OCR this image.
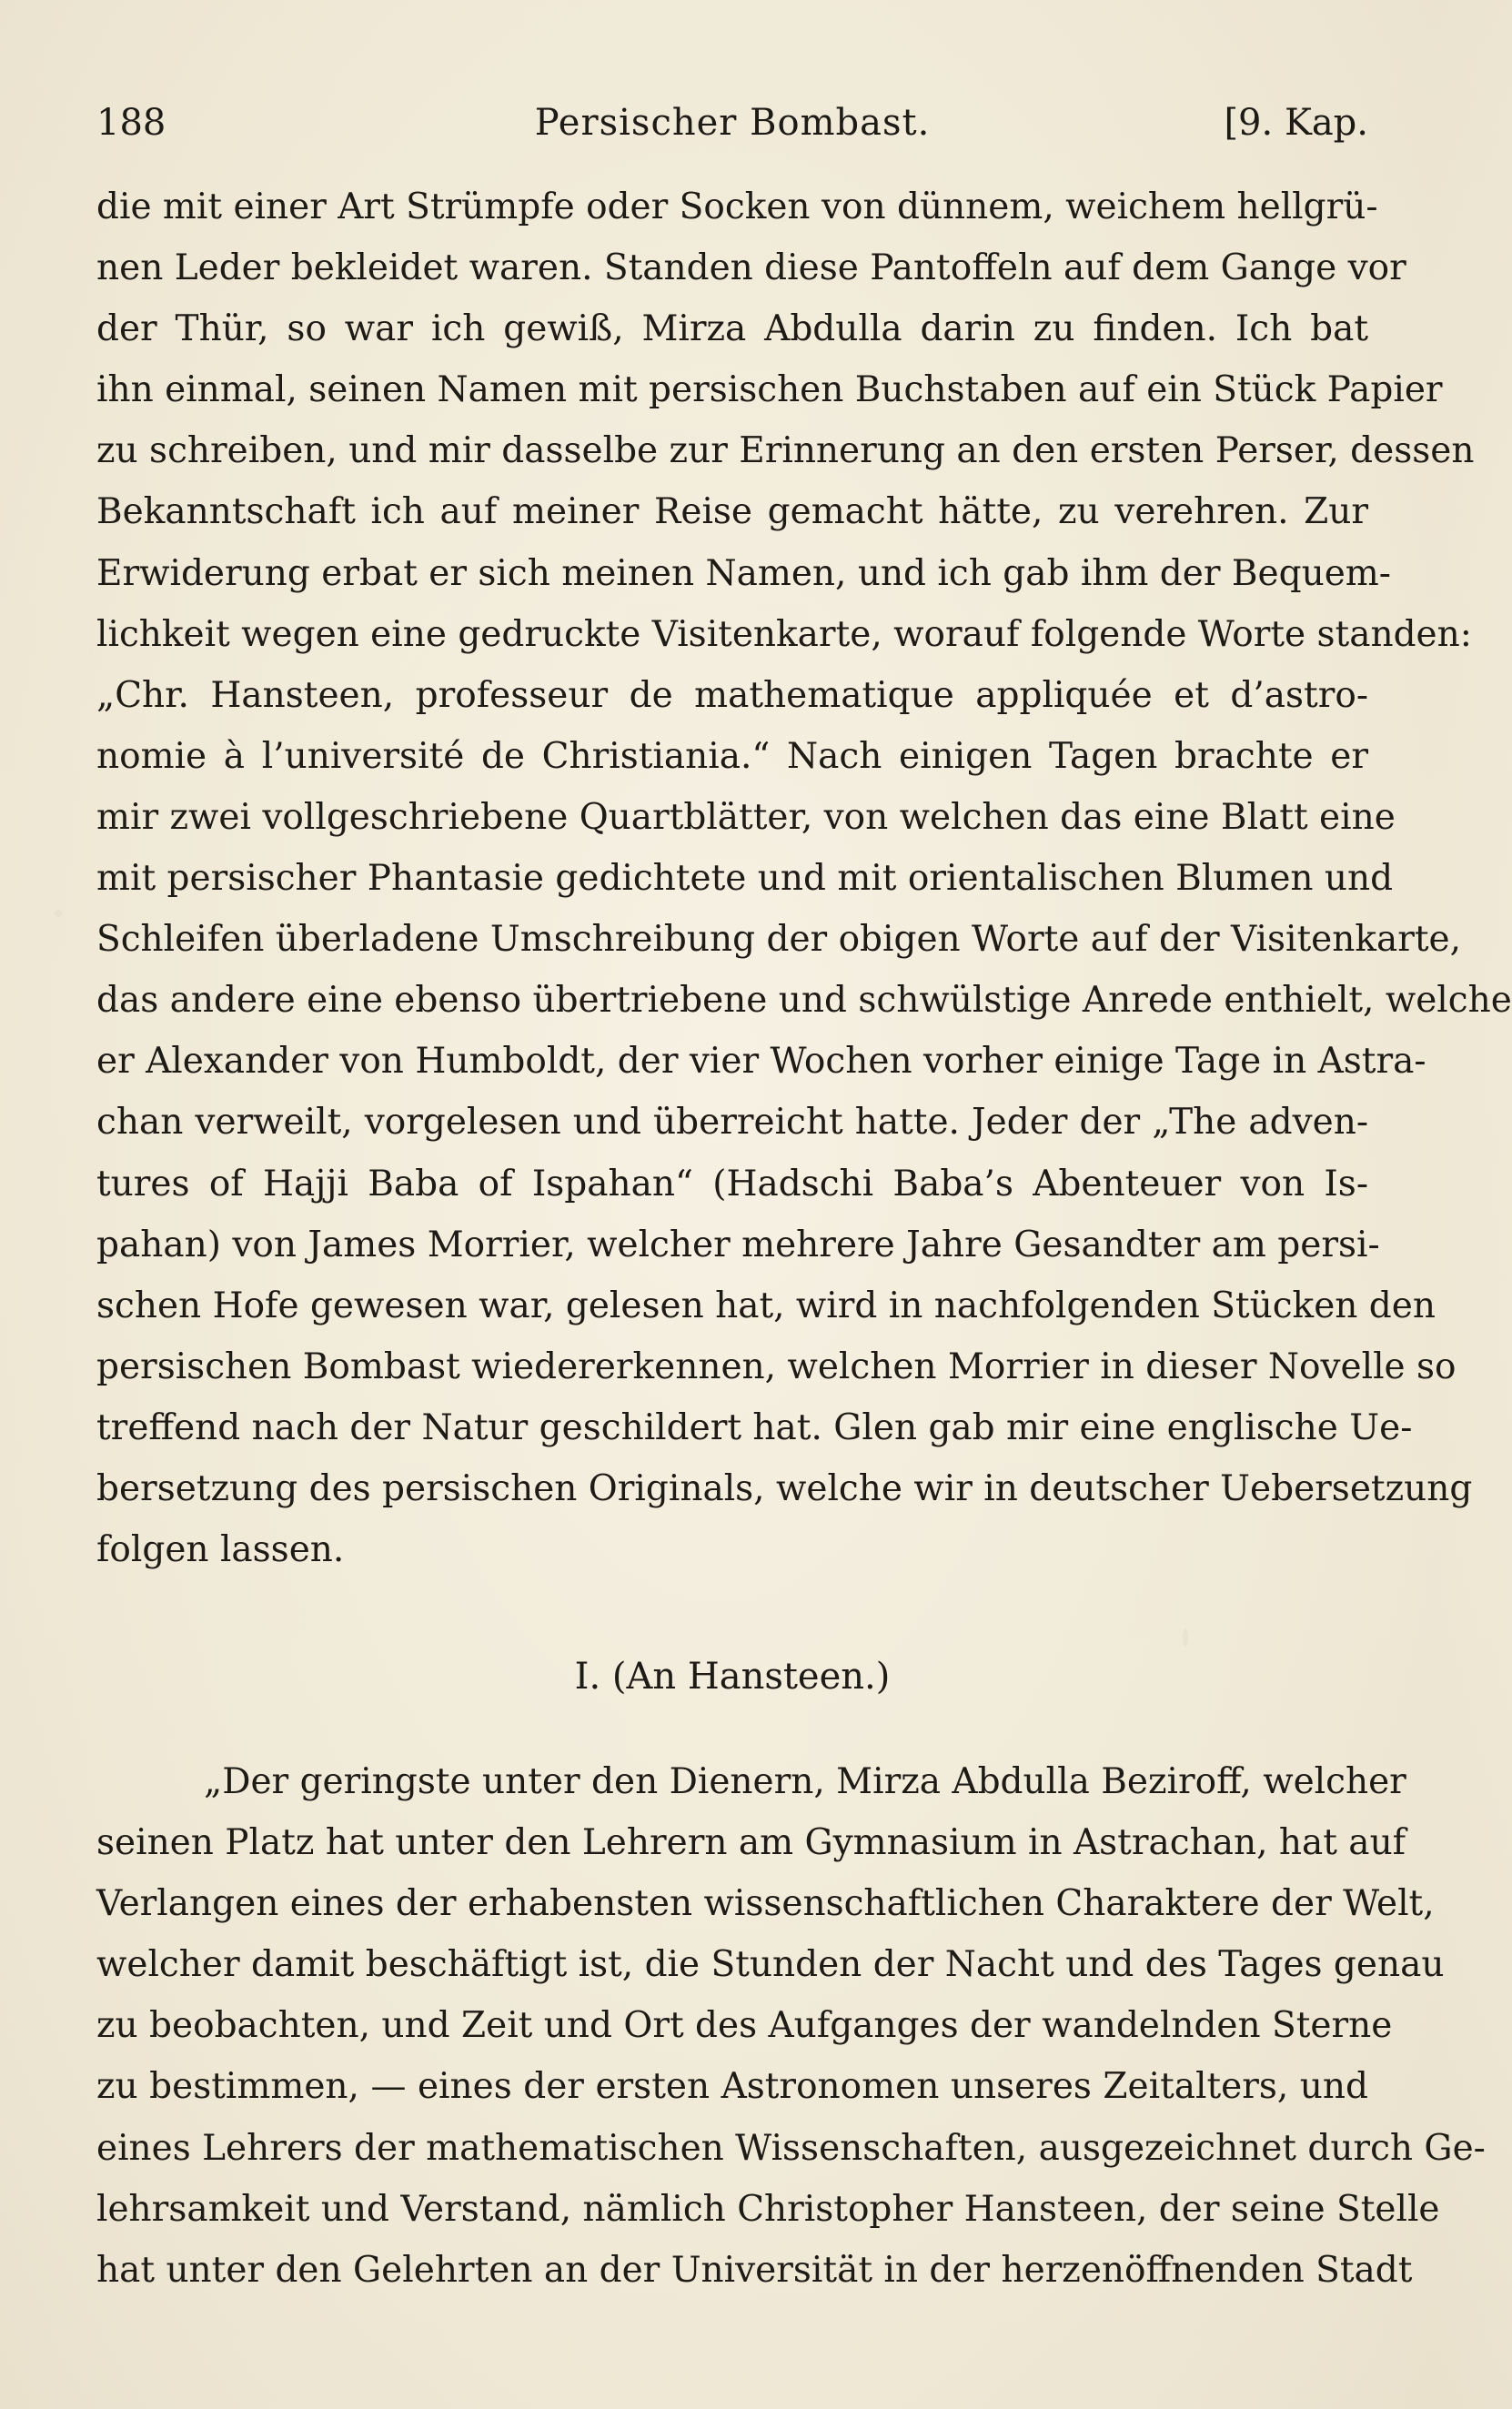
188	Persischer Bombast.	[9. Kap.
die mit einer Art Strümpfe oder Socken von dünnem, weichem hellgrü-
nen Leder bekleidet waren. Standen diese Pantoffeln auf dem Gange vor
der Thür, so war ich gewiß, Mirza Abdulla darin zu finden. Ich bat
ihn einmal, seinen Namen mit persischen Buchstaben auf ein Stück Papier
zu schreiben, und mir dasselbe zur Erinnerung an den ersten Perser, dessen
Bekanntschaft ich auf meiner Reise gemacht hätte, zu verehren. Zur
Erwiderung erbat er sich meinen Namen, und ich gab ihm der Bequem-
lichkeit wegen eine gedruckte Visitenkarte, worauf folgende Worte standen:
„Chr. Hansteen, professeur de mathematique appliquée et d’astro-
nomie à l’université de Christiania.“ Nach einigen Tagen brachte er
mir zwei vollgeschriebene Quartblätter, von welchen das eine Blatt eine
mit persischer Phantasie gedichtete und mit orientalischen Blumen und
Schleifen überladene Umschreibung der obigen Worte auf der Visitenkarte,
das andere eine ebenso übertriebene und schwülstige Anrede enthielt, welche
er Alexander von Humboldt, der vier Wochen vorher einige Tage in Astra-
chan verweilt, vorgelesen und überreicht hatte. Jeder der „The adven-
tures of Hajji Baba of Ispahan“ (Hadschi Baba’s Abenteuer von Is-
pahan) von James Morrier, welcher mehrere Jahre Gesandter am persi-
schen Hofe gewesen war, gelesen hat, wird in nachfolgenden Stücken den
persischen Bombast wiedererkennen, welchen Morrier in dieser Novelle so
treffend nach der Natur geschildert hat. Glen gab mir eine englische Ue-
bersetzung des persischen Originals, welche wir in deutscher Uebersetzung
folgen lassen.
I. (An Hansteen.)
„Der geringste unter den Dienern, Mirza Abdulla Beziroff, welcher
seinen Platz hat unter den Lehrern am Gymnasium in Astrachan, hat auf
Verlangen eines der erhabensten wissenschaftlichen Charaktere der Welt,
welcher damit beschäftigt ist, die Stunden der Nacht und des Tages genau
zu beobachten, und Zeit und Ort des Aufganges der wandelnden Sterne
zu bestimmen, — eines der ersten Astronomen unseres Zeitalters, und
eines Lehrers der mathematischen Wissenschaften, ausgezeichnet durch Ge-
lehrsamkeit und Verstand, nämlich Christopher Hansteen, der seine Stelle
hat unter den Gelehrten an der Universität in der herzenöffnenden Stadt
